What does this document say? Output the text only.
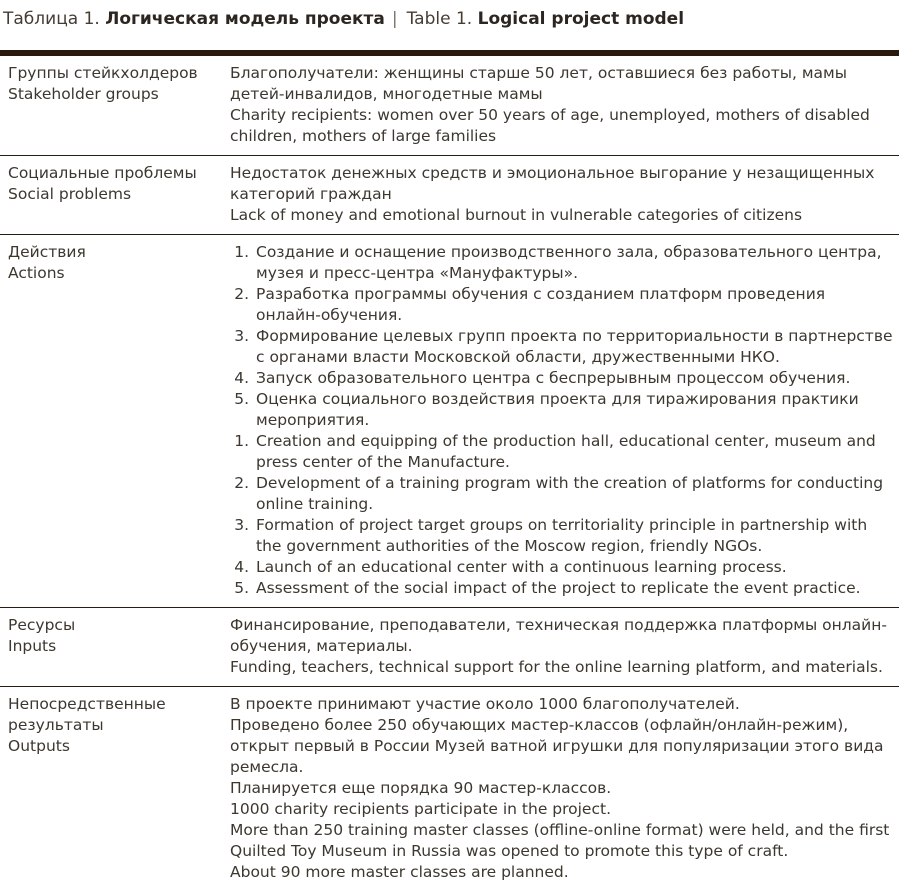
Таблица 1. Логическая модель проекта | Table 1. Logical project model
Группы стейкхолдеров
Stakeholder groups
Благополучатели: женщины старше 50 лет, оставшиеся без работы, мамы детей-инвалидов, многодетные мамы
Charity recipients: women over 50 years of age, unemployed, mothers of disabled children, mothers of large families
Социальные проблемы
Social problems
Недостаток денежных средств и эмоциональное выгорание у незащищенных категорий граждан
Lack of money and emotional burnout in vulnerable categories of citizens
Действия
Actions
1. Создание и оснащение производственного зала, образовательного центра, музея и пресс-центра «Мануфактуры».
2. Разработка программы обучения с созданием платформ проведения онлайн-обучения.
3. Формирование целевых групп проекта по территориальности в партнерстве с органами власти Московской области, дружественными НКО.
4. Запуск образовательного центра с беспрерывным процессом обучения.
5. Оценка социального воздействия проекта для тиражирования практики мероприятия.
1. Creation and equipping of the production hall, educational center, museum and press center of the Manufacture.
2. Development of a training program with the creation of platforms for conducting online training.
3. Formation of project target groups on territoriality principle in partnership with the government authorities of the Moscow region, friendly NGOs.
4. Launch of an educational center with a continuous learning process.
5. Assessment of the social impact of the project to replicate the event practice.
Ресурсы
Inputs
Финансирование, преподаватели, техническая поддержка платформы онлайн-обучения, материалы.
Funding, teachers, technical support for the online learning platform, and materials.
Непосредственные результаты
Outputs
В проекте принимают участие около 1000 благополучателей.
Проведено более 250 обучающих мастер-классов (офлайн/онлайн-режим), открыт первый в России Музей ватной игрушки для популяризации этого вида ремесла.
Планируется еще порядка 90 мастер-классов.
1000 charity recipients participate in the project.
More than 250 training master classes (offline-online format) were held, and the first Quilted Toy Museum in Russia was opened to promote this type of craft.
About 90 more master classes are planned.
